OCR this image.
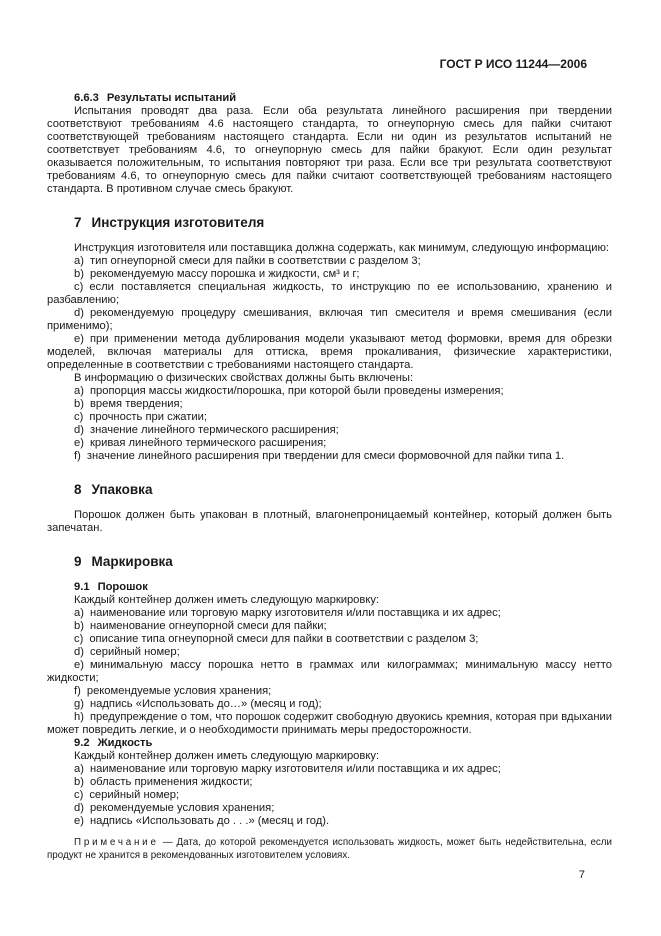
ГОСТ Р ИСО 11244—2006

6.6.3 Результаты испытаний

Испытания проводят два раза. Если оба результата линейного расширения при твердении соответствуют требованиям 4.6 настоящего стандарта, то огнеупорную смесь для пайки считают соответствующей требованиям настоящего стандарта. Если ни один из результатов испытаний не соответствует требованиям 4.6, то огнеупорную смесь для пайки бракуют. Если один результат оказывается положительным, то испытания повторяют три раза. Если все три результата соответствуют требованиям 4.6, то огнеупорную смесь для пайки считают соответствующей требованиям настоящего стандарта. В противном случае смесь бракуют.

7 Инструкция изготовителя

Инструкция изготовителя или поставщика должна содержать, как минимум, следующую информацию:

a) тип огнеупорной смеси для пайки в соответствии с разделом 3;

b) рекомендуемую массу порошка и жидкости, см³ и г;

c) если поставляется специальная жидкость, то инструкцию по ее использованию, хранению и разбавлению;

d) рекомендуемую процедуру смешивания, включая тип смесителя и время смешивания (если применимо);

e) при применении метода дублирования модели указывают метод формовки, время для обрезки моделей, включая материалы для оттиска, время прокаливания, физические характеристики, определенные в соответствии с требованиями настоящего стандарта.

В информацию о физических свойствах должны быть включены:

a) пропорция массы жидкости/порошка, при которой были проведены измерения;

b) время твердения;

c) прочность при сжатии;

d) значение линейного термического расширения;

e) кривая линейного термического расширения;

f) значение линейного расширения при твердении для смеси формовочной для пайки типа 1.

8 Упаковка

Порошок должен быть упакован в плотный, влагонепроницаемый контейнер, который должен быть запечатан.

9 Маркировка

9.1 Порошок

Каждый контейнер должен иметь следующую маркировку:

a) наименование или торговую марку изготовителя и/или поставщика и их адрес;

b) наименование огнеупорной смеси для пайки;

c) описание типа огнеупорной смеси для пайки в соответствии с разделом 3;

d) серийный номер;

e) минимальную массу порошка нетто в граммах или килограммах; минимальную массу нетто жидкости;

f) рекомендуемые условия хранения;

g) надпись «Использовать до…» (месяц и год);

h) предупреждение о том, что порошок содержит свободную двуокись кремния, которая при вдыхании может повредить легкие, и о необходимости принимать меры предосторожности.

9.2 Жидкость

Каждый контейнер должен иметь следующую маркировку:

a) наименование или торговую марку изготовителя и/или поставщика и их адрес;

b) область применения жидкости;

c) серийный номер;

d) рекомендуемые условия хранения;

e) надпись «Использовать до . . .» (месяц и год).

Примечание — Дата, до которой рекомендуется использовать жидкость, может быть недействительна, если продукт не хранится в рекомендованных изготовителем условиях.

7
